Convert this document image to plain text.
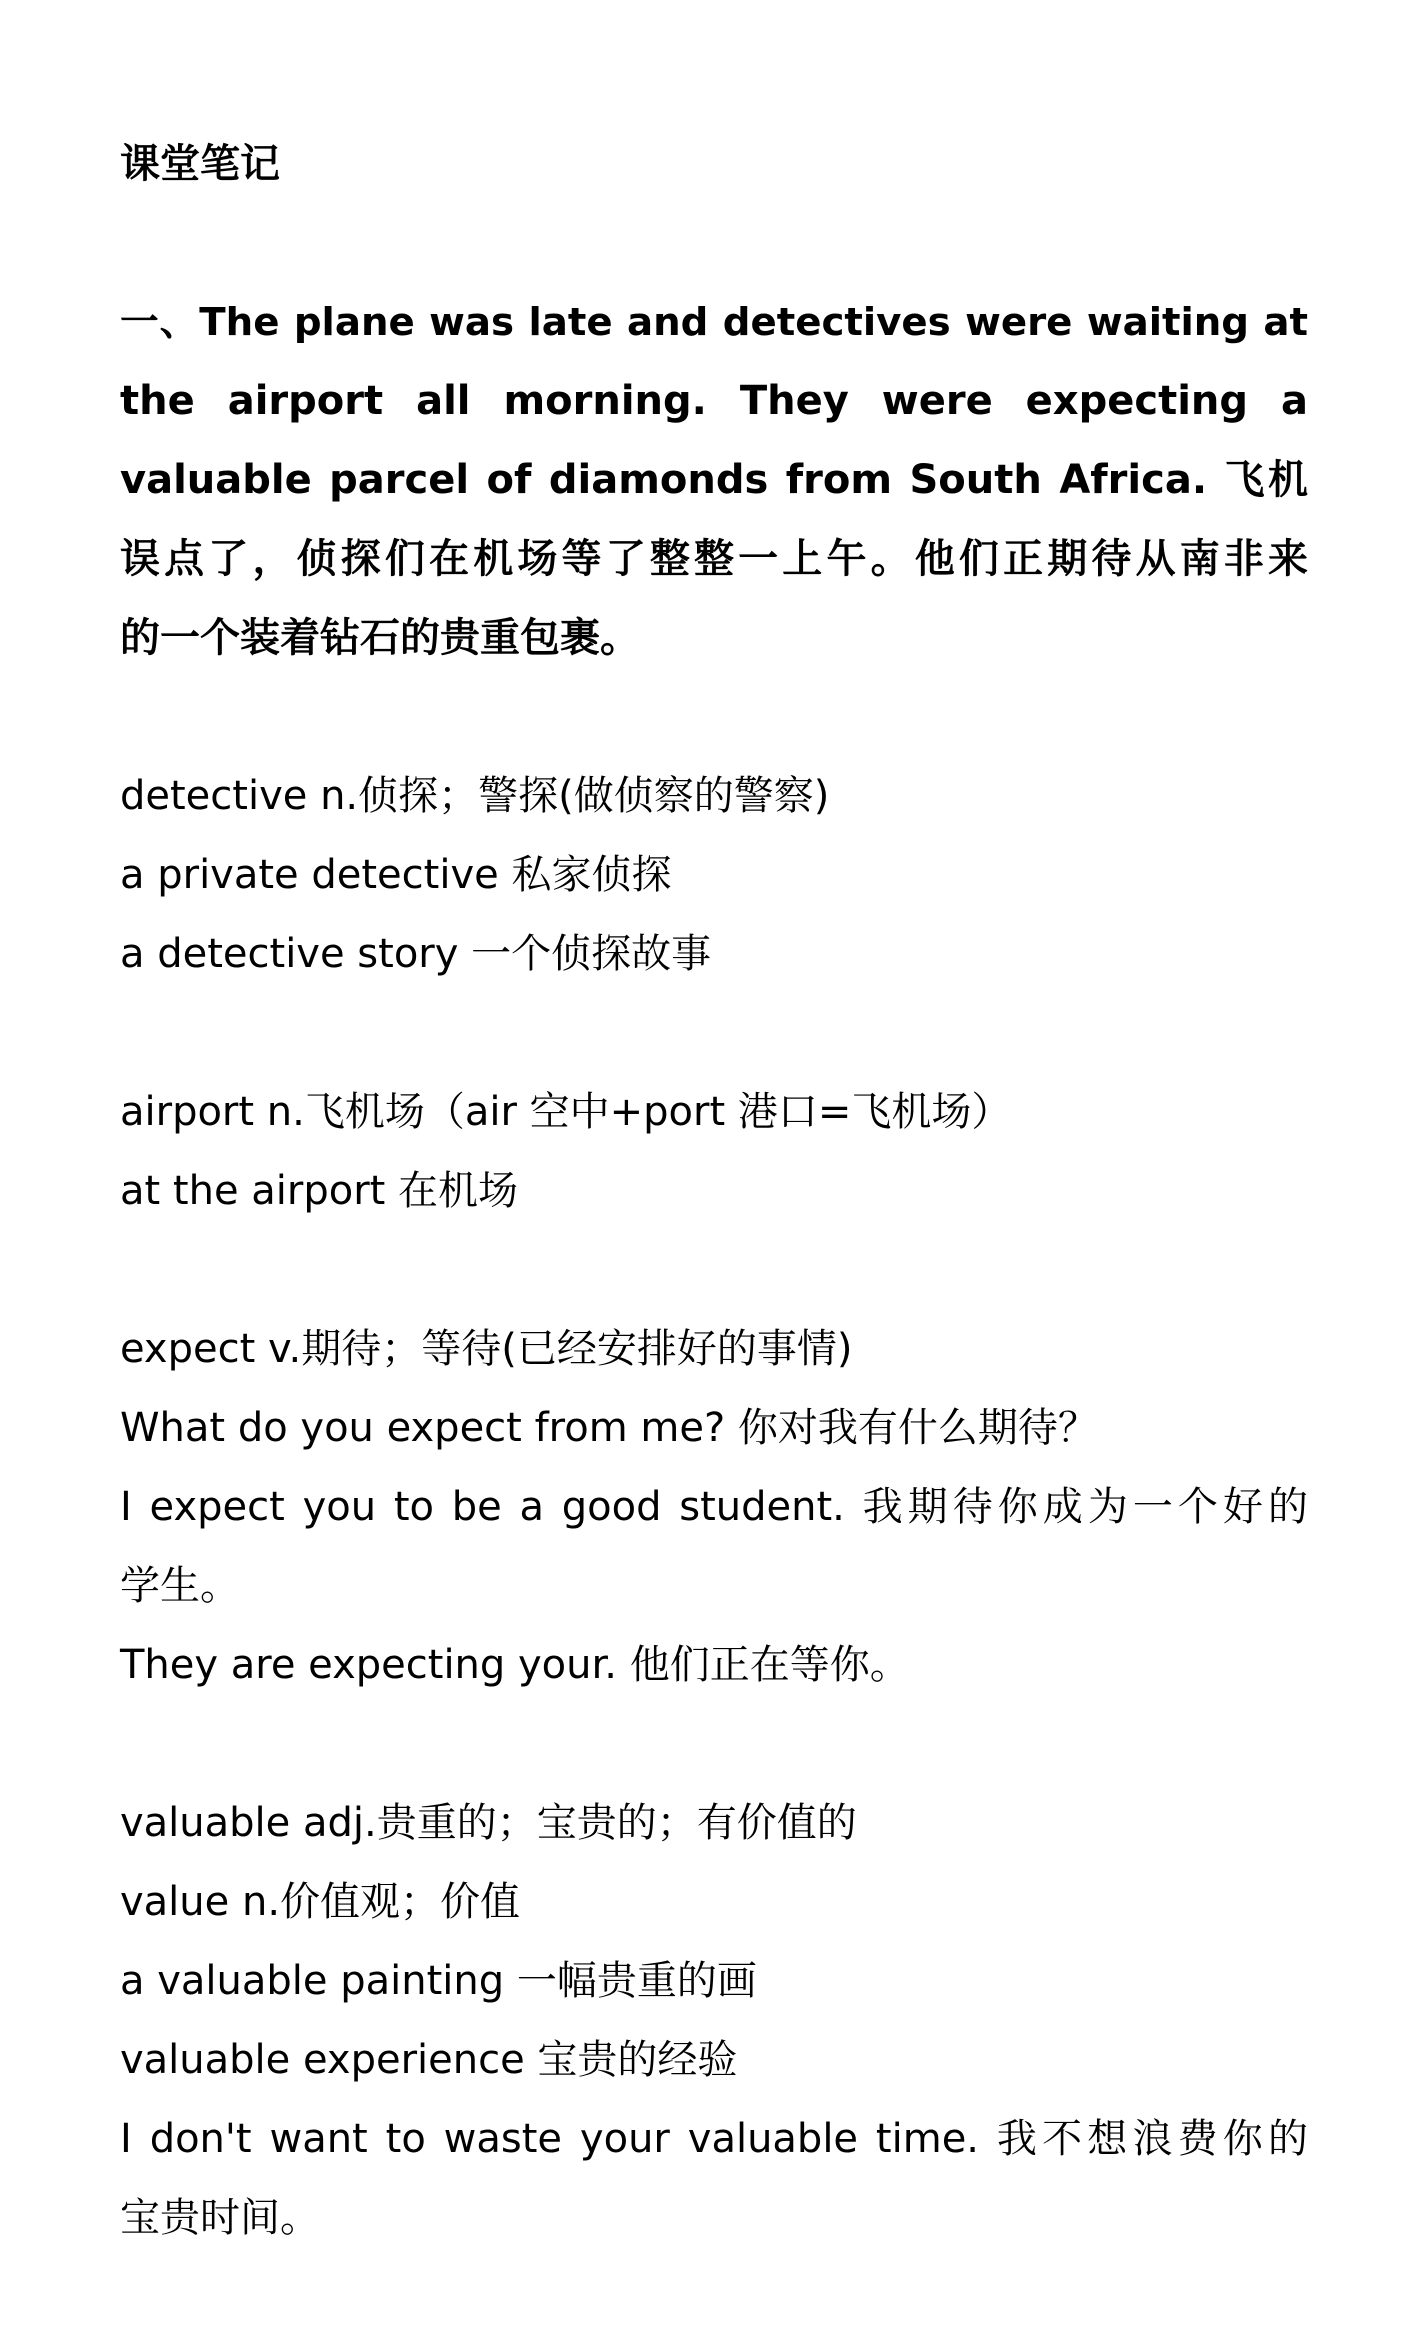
课堂笔记
一、The plane was late and detectives were waiting at
the airport all morning. They were expecting a
valuable parcel of diamonds from South Africa. 飞机
误点了，侦探们在机场等了整整一上午。他们正期待从南非来
的一个装着钻石的贵重包裹。
detective n.侦探；警探(做侦察的警察)
a private detective 私家侦探
a detective story 一个侦探故事
airport n.飞机场（air 空中+port 港口=飞机场）
at the airport 在机场
expect v.期待；等待(已经安排好的事情)
What do you expect from me? 你对我有什么期待？
I expect you to be a good student. 我期待你成为一个好的
学生。
They are expecting your. 他们正在等你。
valuable adj.贵重的；宝贵的；有价值的
value n.价值观；价值
a valuable painting 一幅贵重的画
valuable experience 宝贵的经验
I don't want to waste your valuable time. 我不想浪费你的
宝贵时间。
